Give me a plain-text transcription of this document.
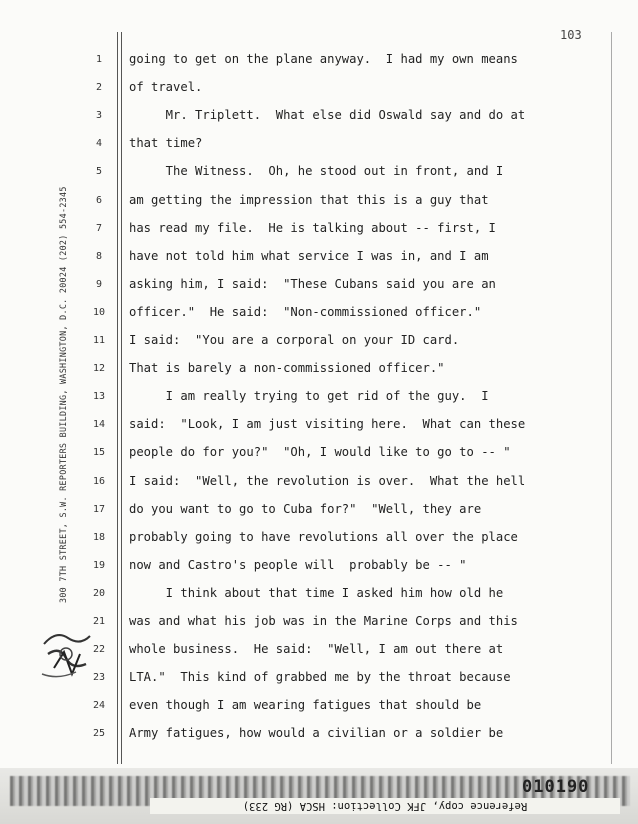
103
300 7TH STREET, S.W. REPORTERS BUILDING, WASHINGTON, D.C. 20024 (202) 554-2345
1	going to get on the plane anyway.  I had my own means
2	of travel.
3	Mr. Triplett.  What else did Oswald say and do at
4	that time?
5	The Witness.  Oh, he stood out in front, and I
6	am getting the impression that this is a guy that
7	has read my file.  He is talking about -- first, I
8	have not told him what service I was in, and I am
9	asking him, I said:  "These Cubans said you are an
10	officer."  He said:  "Non-commissioned officer."
11	I said:  "You are a corporal on your ID card.
12	That is barely a non-commissioned officer."
13	I am really trying to get rid of the guy.  I
14	said:  "Look, I am just visiting here.  What can these
15	people do for you?"  "Oh, I would like to go to -- "
16	I said:  "Well, the revolution is over.  What the hell
17	do you want to go to Cuba for?"  "Well, they are
18	probably going to have revolutions all over the place
19	now and Castro's people will  probably be -- "
20	I think about that time I asked him how old he
21	was and what his job was in the Marine Corps and this
22	whole business.  He said:  "Well, I am out there at
23	LTA."  This kind of grabbed me by the throat because
24	even though I am wearing fatigues that should be
25	Army fatigues, how would a civilian or a soldier be
010190
Reference copy, JFK Collection: HSCA (RG 233)
